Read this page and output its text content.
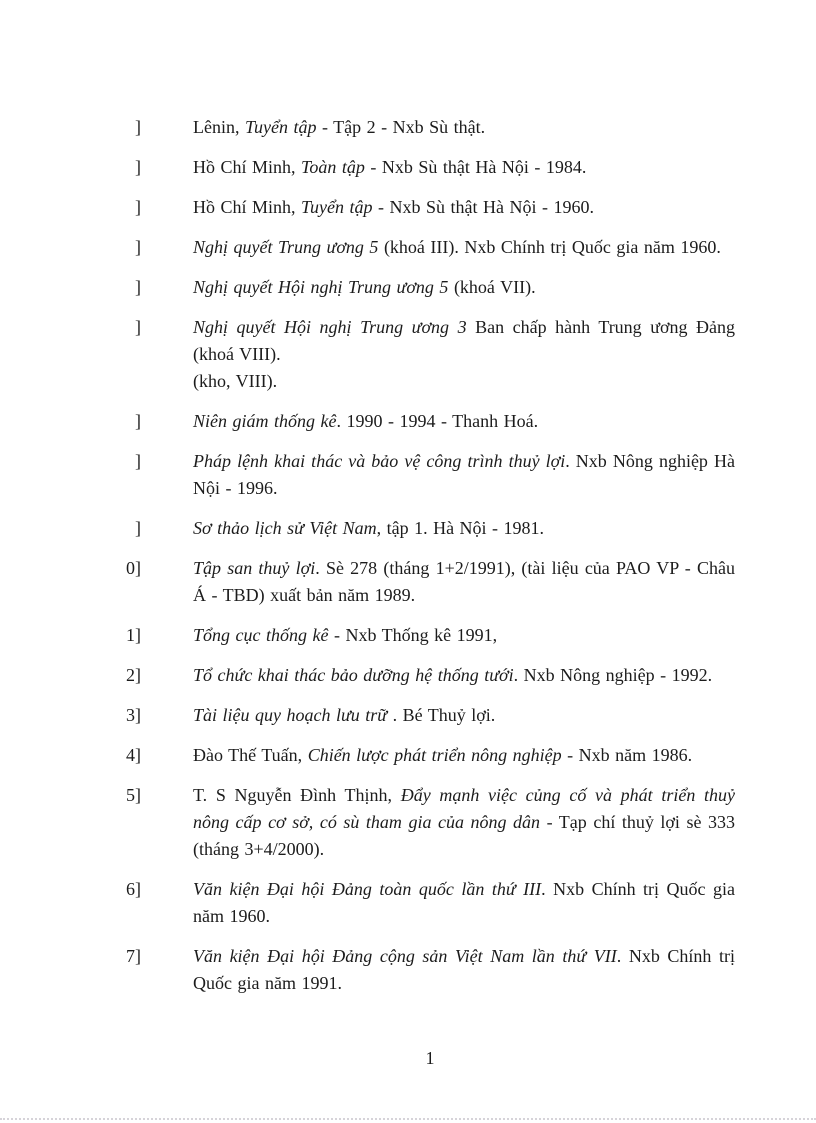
]	Lênin, Tuyển tập - Tập 2 - Nxb Sù thật.
]	Hồ Chí Minh, Toàn tập - Nxb Sù thật Hà Nội - 1984.
]	Hồ Chí Minh, Tuyển tập - Nxb Sù thật Hà Nội - 1960.
]	Nghị quyết Trung ương 5 (khoá III). Nxb Chính trị Quốc gia năm 1960.
]	Nghị quyết Hội nghị Trung ương 5 (khoá VII).
]	Nghị quyết Hội nghị Trung ương 3 Ban chấp hành Trung ương Đảng (khoá VIII).
(kho, VIII).
]	Niên giám thống kê. 1990 - 1994 - Thanh Hoá.
]	Pháp lệnh khai thác và bảo vệ công trình thuỷ lợi. Nxb Nông nghiệp Hà Nội - 1996.
]	Sơ thảo lịch sử Việt Nam, tập 1. Hà Nội - 1981.
0]	Tập san thuỷ lợi. Sè 278 (tháng 1+2/1991), (tài liệu của PAO VP - Châu Á - TBD) xuất bản năm 1989.
1]	Tổng cục thống kê - Nxb Thống kê 1991,
2]	Tổ chức khai thác bảo dưỡng hệ thống tưới. Nxb Nông nghiệp - 1992.
3]	Tài liệu quy hoạch lưu trữ . Bé Thuỷ lợi.
4]	Đào Thế Tuấn, Chiến lược phát triển nông nghiệp - Nxb năm 1986.
5]	T. S Nguyễn Đình Thịnh, Đẩy mạnh việc củng cố và phát triển thuỷ nông cấp cơ sở, có sù tham gia của nông dân - Tạp chí thuỷ lợi sè 333 (tháng 3+4/2000).
6]	Văn kiện Đại hội Đảng toàn quốc lần thứ III. Nxb Chính trị Quốc gia năm 1960.
7]	Văn kiện Đại hội Đảng cộng sản Việt Nam lần thứ VII. Nxb Chính trị Quốc gia năm 1991.
1
